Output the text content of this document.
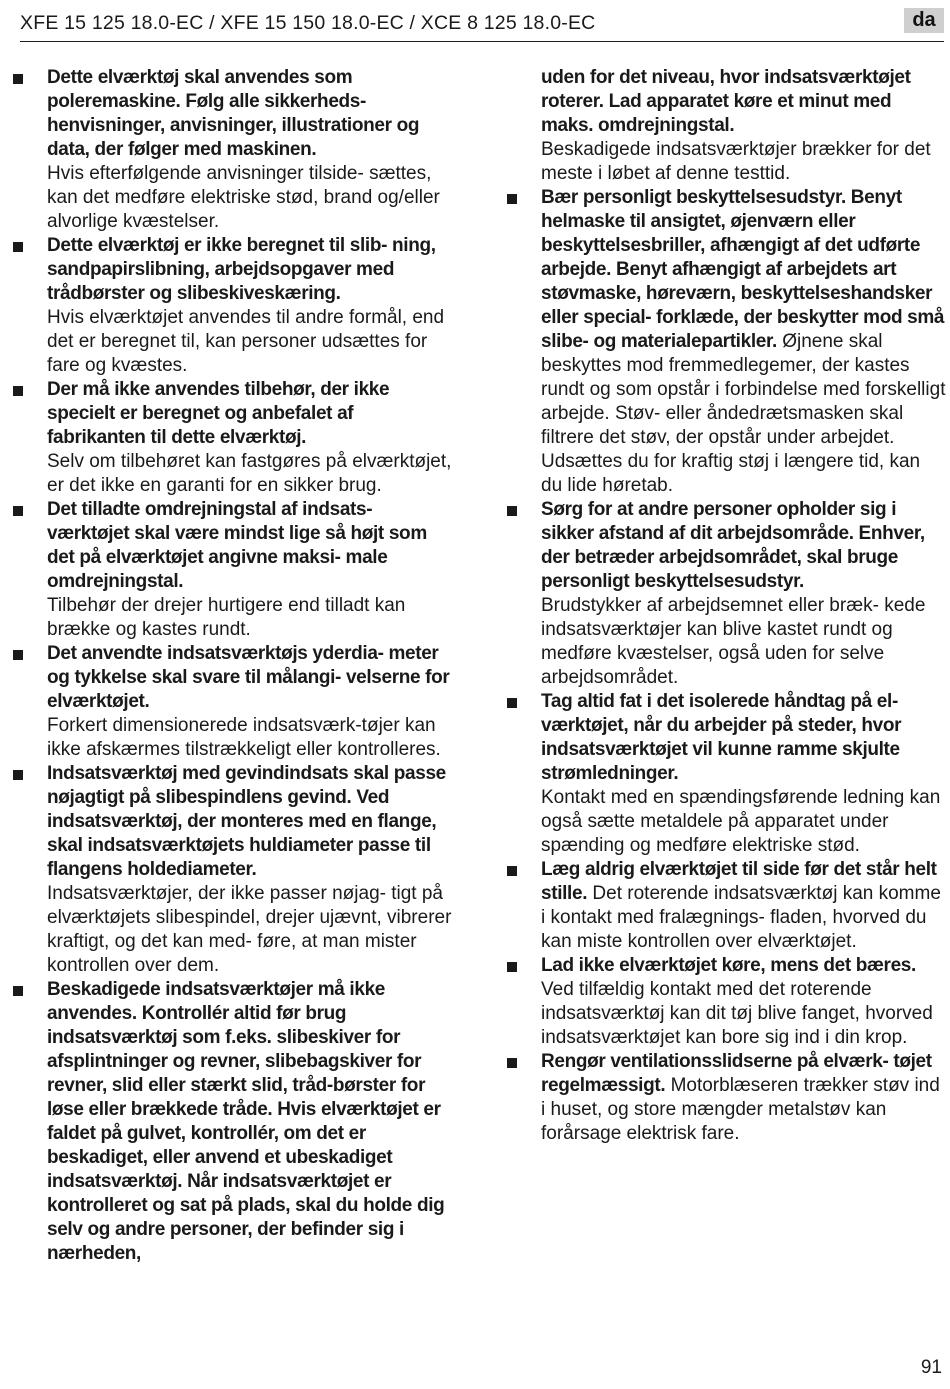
XFE 15 125 18.0-EC / XFE 15 150 18.0-EC / XCE 8 125 18.0-EC	da
Dette elværktøj skal anvendes som poleremaskine. Følg alle sikkerheds- henvisninger, anvisninger, illustrationer og data, der følger med maskinen.
Hvis efterfølgende anvisninger tilside- sættes, kan det medføre elektriske stød, brand og/eller alvorlige kvæstelser.
Dette elværktøj er ikke beregnet til slib- ning, sandpapirslibning, arbejdsopgaver med trådbørster og slibeskiveskæring.
Hvis elværktøjet anvendes til andre formål, end det er beregnet til, kan personer udsættes for fare og kvæstes.
Der må ikke anvendes tilbehør, der ikke specielt er beregnet og anbefalet af fabrikanten til dette elværktøj.
Selv om tilbehøret kan fastgøres på elværktøjet, er det ikke en garanti for en sikker brug.
Det tilladte omdrejningstal af indsats- værktøjet skal være mindst lige så højt som det på elværktøjet angivne maksi- male omdrejningstal.
Tilbehør der drejer hurtigere end tilladt kan brække og kastes rundt.
Det anvendte indsatsværktøjs yderdia- meter og tykkelse skal svare til målangi- velserne for elværktøjet.
Forkert dimensionerede indsatsværk-tøjer kan ikke afskærmes tilstrækkeligt eller kontrolleres.
Indsatsværktøj med gevindindsats skal passe nøjagtigt på slibespindlens gevind. Ved indsatsværktøj, der monteres med en flange, skal indsatsværktøjets huldiameter passe til flangens holdediameter.
Indsatsværktøjer, der ikke passer nøjag- tigt på elværktøjets slibespindel, drejer ujævnt, vibrerer kraftigt, og det kan med- føre, at man mister kontrollen over dem.
Beskadigede indsatsværktøjer må ikke anvendes. Kontrollér altid før brug indsatsværktøj som f.eks. slibeskiver for afsplintninger og revner, slibebagskiver for revner, slid eller stærkt slid, tråd-børster for løse eller brækkede tråde. Hvis elværktøjet er faldet på gulvet, kontrollér, om det er beskadiget, eller anvend et ubeskadiget indsatsværktøj. Når indsatsværktøjet er kontrolleret og sat på plads, skal du holde dig selv og andre personer, der befinder sig i nærheden,
uden for det niveau, hvor indsatsværktøjet roterer. Lad apparatet køre et minut med maks. omdrejningstal.
Beskadigede indsatsværktøjer brækker for det meste i løbet af denne testtid.
Bær personligt beskyttelsesudstyr. Benyt helmaske til ansigtet, øjenværn eller beskyttelsesbriller, afhængigt af det udførte arbejde. Benyt afhængigt af arbejdets art støvmaske, høreværn, beskyttelseshandsker eller special- forklæde, der beskytter mod små slibe- og materialepartikler. Øjnene skal beskyttes mod fremmedlegemer, der kastes rundt og som opstår i forbindelse med forskelligt arbejde. Støv- eller åndedrætsmasken skal filtrere det støv, der opstår under arbejdet. Udsættes du for kraftig støj i længere tid, kan du lide høretab.
Sørg for at andre personer opholder sig i sikker afstand af dit arbejdsområde. Enhver, der betræder arbejdsområdet, skal bruge personligt beskyttelsesudstyr.
Brudstykker af arbejdsemnet eller bræk- kede indsatsværktøjer kan blive kastet rundt og medføre kvæstelser, også uden for selve arbejdsområdet.
Tag altid fat i det isolerede håndtag på el- værktøjet, når du arbejder på steder, hvor indsatsværktøjet vil kunne ramme skjulte strømledninger.
Kontakt med en spændingsførende ledning kan også sætte metaldele på apparatet under spænding og medføre elektriske stød.
Læg aldrig elværktøjet til side før det står helt stille. Det roterende indsatsværktøj kan komme i kontakt med fralægnings- fladen, hvorved du kan miste kontrollen over elværktøjet.
Lad ikke elværktøjet køre, mens det bæres. Ved tilfældig kontakt med det roterende indsatsværktøj kan dit tøj blive fanget, hvorved indsatsværktøjet kan bore sig ind i din krop.
Rengør ventilationsslidserne på elværk- tøjet regelmæssigt. Motorblæseren trækker støv ind i huset, og store mængder metalstøv kan forårsage elektrisk fare.
91
